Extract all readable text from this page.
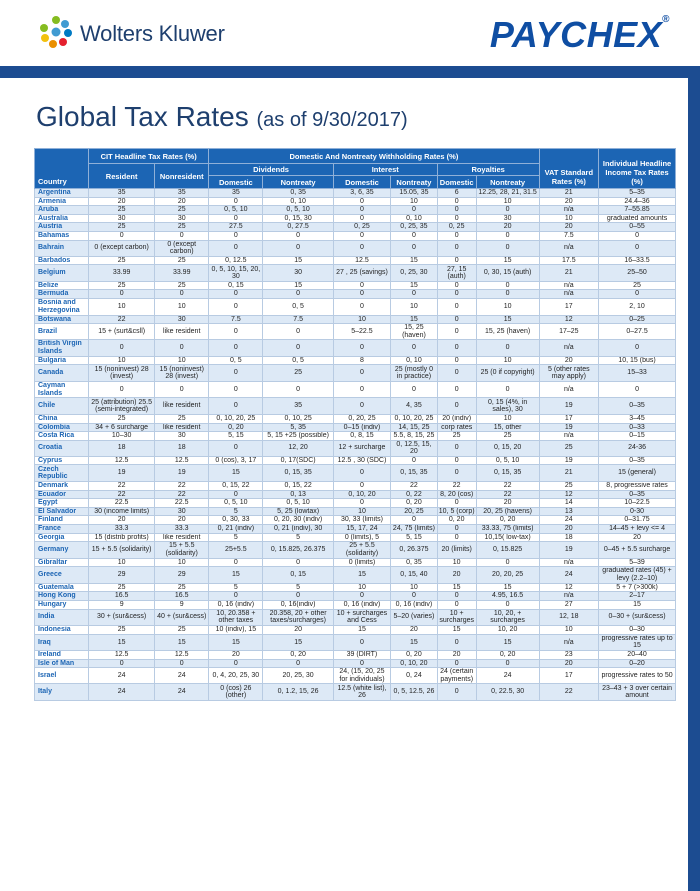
Wolters Kluwer	PAYCHEX®
Global Tax Rates (as of 9/30/2017)
Country	CIT Headline Tax Rates (%)		Domestic And Nontreaty Withholding Rates (%)						VAT Standard Rates (%)	Individual Headline Income Tax Rates (%)
	Resident	Nonresident	Dividends		Interest		Royalties			
			Domestic	Nontreaty	Domestic	Nontreaty	Domestic	Nontreaty		
Argentina	35	35	35	0, 35	3, 6, 35	15.05, 35	6	12.25, 28, 21, 31.5	21	5–35
Armenia	20	20	0	0, 10	0	10	0	10	20	24.4–36
Aruba	25	25	0, 5, 10	0, 5, 10	0	0	0	0	n/a	7–55.85
Australia	30	30	0	0, 15, 30	0	0, 10	0	30	10	graduated amounts
Austria	25	25	27.5	0, 27.5	0, 25	0, 25, 35	0, 25	20	20	0–55
Bahamas	0	0	0	0	0	0	0	0	7.5	0
Bahrain	0 (except carbon)	0 (except carbon)	0	0	0	0	0	0	n/a	0
Barbados	25	25	0, 12.5	15	12.5	15	0	15	17.5	16–33.5
Belgium	33.99	33.99	0, 5, 10, 15, 20, 30	30	27 , 25 (savings)	0, 25, 30	27, 15 (auth)	0, 30, 15 (auth)	21	25–50
Belize	25	25	0, 15	15	0	15	0	0	n/a	25
Bermuda	0	0	0	0	0	0	0	0	n/a	0
Bosnia and Herzegovina	10	10	0	0, 5	0	10	0	10	17	2, 10
Botswana	22	30	7.5	7.5	10	15	0	15	12	0–25
Brazil	15 + (surt&csll)	like resident	0	0	5–22.5	15, 25 (haven)	0	15, 25 (haven)	17–25	0–27.5
British Virgin Islands	0	0	0	0	0	0	0	0	n/a	0
Bulgaria	10	10	0, 5	0, 5	8	0, 10	0	10	20	10, 15 (bus)
Canada	15 (noninvest) 28 (invest)	15 (noninvest) 28 (invest)	0	25	0	25 (mostly 0 in practice)	0	25 (0 if copyright)	5 (other rates may apply)	15–33
Cayman Islands	0	0	0	0	0	0	0	0	n/a	0
Chile	25 (attribution) 25.5 (semi-integrated)	like resident	0	35	0	4, 35	0	0, 15 (4%, in sales), 30	19	0–35
China	25	25	0, 10, 20, 25	0, 10, 25	0, 20, 25	0, 10, 20, 25	20 (indiv)	10	17	3–45
Colombia	34 + 6 surcharge	like resident	0, 20	5, 35	0–15 (indiv)	14, 15, 25	corp rates	15, other	19	0–33
Costa Rica	10–30	30	5, 15	5, 15 +25 (possible)	0, 8, 15	5.5, 8, 15, 25	25	25	n/a	0–15
Croatia	18	18	0	12, 20	12 + surcharge	0, 12.5, 15, 20	0	0, 15, 20	25	24-36
Cyprus	12.5	12.5	0 (cos), 3, 17	0, 17(SDC)	12.5 , 30 (SDC)	0	0	0, 5, 10	19	0–35
Czech Republic	19	19	15	0, 15, 35	0	0, 15, 35	0	0, 15, 35	21	15 (general)
Denmark	22	22	0, 15, 22	0, 15, 22	0	22	22	22	25	8, progressive rates
Ecuador	22	22	0	0, 13	0, 10, 20	0, 22	8, 20 (cos)	22	12	0–35
Egypt	22.5	22.5	0, 5, 10	0, 5, 10	0	0, 20	0	20	14	10–22.5
El Salvador	30 (income limits)	30	5	5, 25 (lowtax)	10	20, 25	10, 5 (corp)	20, 25 (havens)	13	0-30
Finland	20	20	0, 30, 33	0, 20, 30 (indiv)	30, 33 (limits)	0	0, 20	0, 20	24	0–31.75
France	33.3	33.3	0, 21 (indiv)	0, 21 (indiv), 30	15, 17, 24	24, 75 (limits)	0	33.33, 75 (limits)	20	14–45 + levy <= 4
Georgia	15 (distrib profits)	like resident	5	5	0 (limits), 5	5, 15	0	10,15( low-tax)	18	20
Germany	15 + 5.5 (solidarity)	15 + 5.5 (solidarity)	25+5.5	0, 15.825, 26.375	25 + 5.5 (solidarity)	0, 26.375	20 (limits)	0, 15.825	19	0–45 + 5.5 surcharge
Gibraltar	10	10	0	0	0 (limits)	0, 35	10	0	n/a	5–39
Greece	29	29	15	0, 15	15	0, 15, 40	20	20, 20, 25	24	graduated rates (45) + levy (2.2–10)
Guatemala	25	25	5	5	10	10	15	15	12	5 + 7 (>300k)
Hong Kong	16.5	16.5	0	0	0	0	0	4.95, 16.5	n/a	2–17
Hungary	9	9	0, 16 (indiv)	0, 16(indiv)	0, 16 (indiv)	0, 16 (indiv)	0	0	27	15
India	30 + (sur&cess)	40 + (sur&cess)	10, 20.358 + other taxes	20.358, 20 + other taxes/surcharges)	10 + surcharges and Cess	5–20 (varies)	10 + surcharges	10, 20, + surcharges	12, 18	0–30 + (sur&cess)
Indonesia	25	25	10 (indiv), 15	20	15	20	15	10, 20	10	0–30
Iraq	15	15	15	15	0	15	0	15	n/a	progressive rates up to 15
Ireland	12.5	12.5	20	0, 20	39 (DIRT)	0, 20	20	0, 20	23	20–40
Isle of Man	0	0	0	0	0	0, 10, 20	0	0	20	0–20
Israel	24	24	0, 4, 20, 25, 30	20, 25, 30	24, (15, 20, 25 for individuals)	0, 24	24 (certain payments)	24	17	progressive rates to 50
Italy	24	24	0 (cos) 26 (other)	0, 1.2, 15, 26	12.5 (white list), 26	0, 5, 12.5, 26	0	0, 22.5, 30	22	23–43 + 3 over certain amount
